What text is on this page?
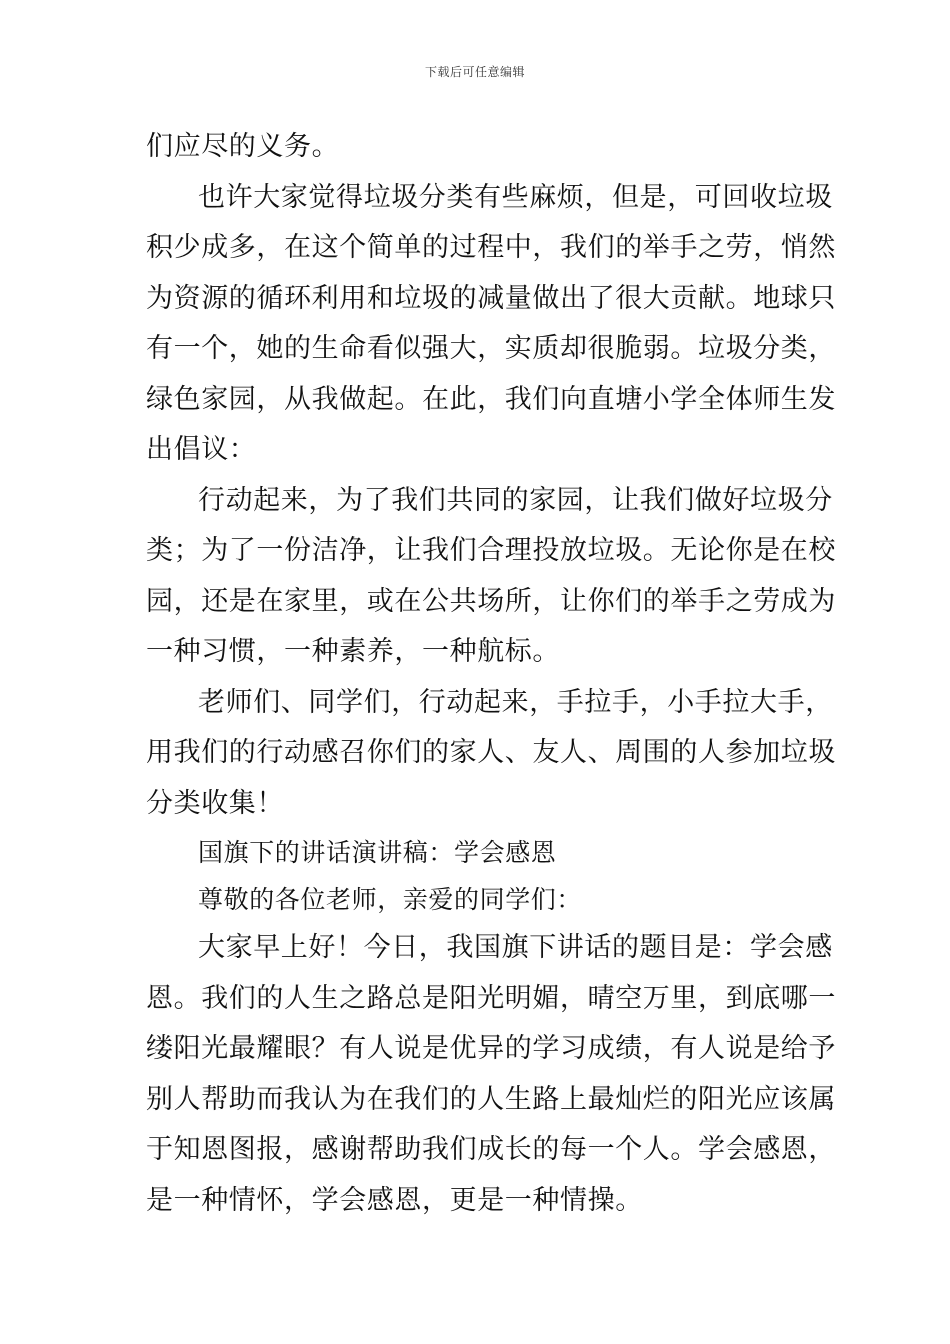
下载后可任意编辑
们应尽的义务。
也许大家觉得垃圾分类有些麻烦，但是，可回收垃圾
积少成多，在这个简单的过程中，我们的举手之劳，悄然
为资源的循环利用和垃圾的减量做出了很大贡献。地球只
有一个，她的生命看似强大，实质却很脆弱。垃圾分类，
绿色家园，从我做起。在此，我们向直塘小学全体师生发
出倡议：
行动起来，为了我们共同的家园，让我们做好垃圾分
类；为了一份洁净，让我们合理投放垃圾。无论你是在校
园，还是在家里，或在公共场所，让你们的举手之劳成为
一种习惯，一种素养，一种航标。
老师们、同学们，行动起来，手拉手，小手拉大手，
用我们的行动感召你们的家人、友人、周围的人参加垃圾
分类收集！
国旗下的讲话演讲稿：学会感恩
尊敬的各位老师，亲爱的同学们：
大家早上好！今日，我国旗下讲话的题目是：学会感
恩。我们的人生之路总是阳光明媚，晴空万里，到底哪一
缕阳光最耀眼？有人说是优异的学习成绩，有人说是给予
别人帮助而我认为在我们的人生路上最灿烂的阳光应该属
于知恩图报，感谢帮助我们成长的每一个人。学会感恩，
是一种情怀，学会感恩，更是一种情操。
